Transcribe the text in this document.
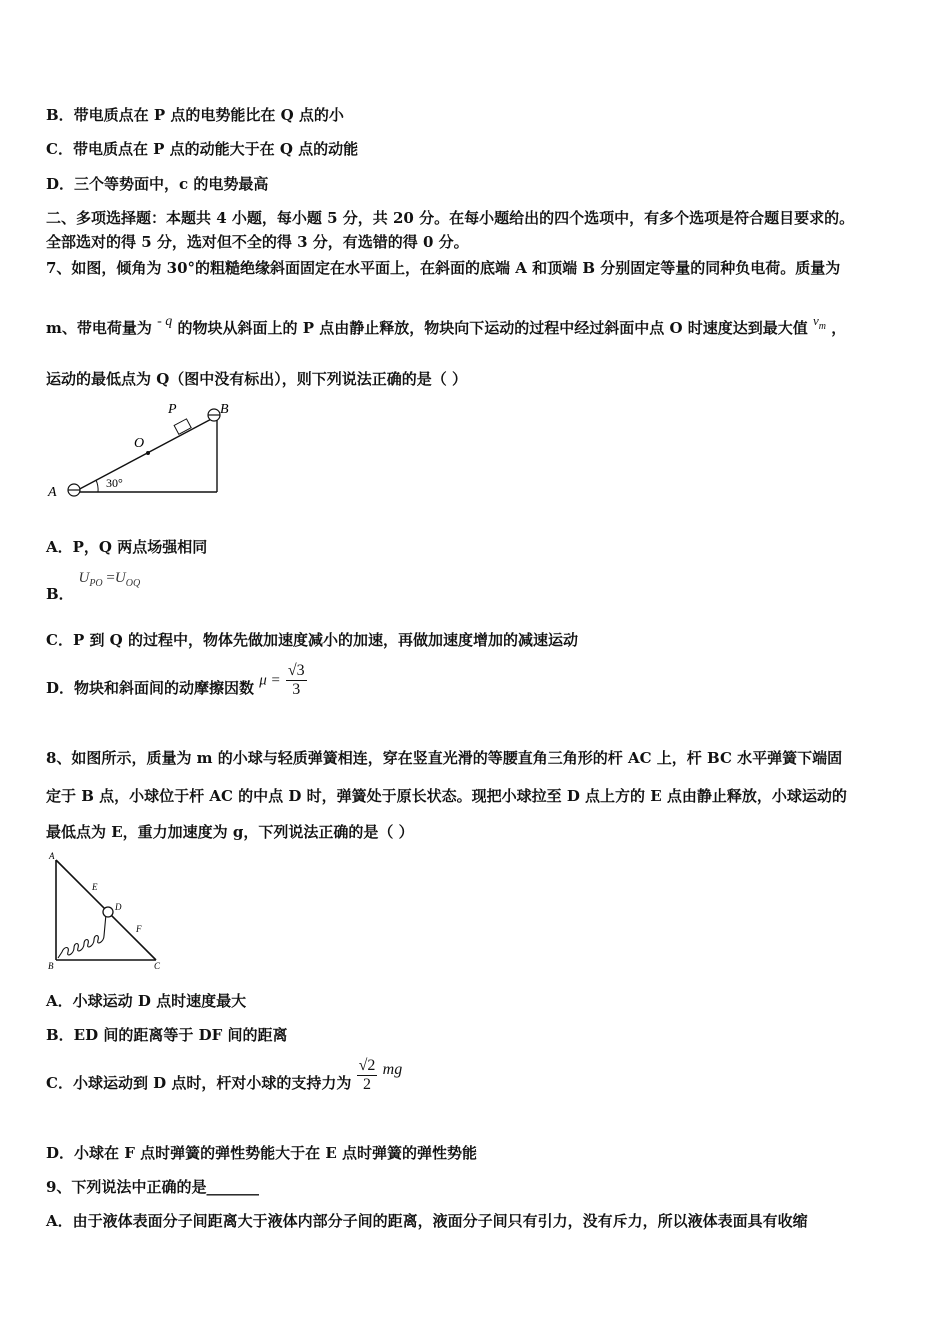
B．带电质点在 P 点的电势能比在 Q 点的小
C．带电质点在 P 点的动能大于在 Q 点的动能
D．三个等势面中，c 的电势最高
二、多项选择题：本题共 4 小题，每小题 5 分，共 20 分。在每小题给出的四个选项中，有多个选项是符合题目要求的。
全部选对的得 5 分，选对但不全的得 3 分，有选错的得 0 分。
7、如图，倾角为 30°的粗糙绝缘斜面固定在水平面上，在斜面的底端 A 和顶端 B 分别固定等量的同种负电荷。质量为
m、带电荷量为 - q 的物块从斜面上的 P 点由静止释放，物块向下运动的过程中经过斜面中点 O 时速度达到最大值 $v_m$ ，
运动的最低点为 Q（图中没有标出），则下列说法正确的是（ ）
A
B
O
P
30°
A．P，Q 两点场强相同
B． $U_{PO} =U_{OQ}$
C．P 到 Q 的过程中，物体先做加速度减小的加速，再做加速度增加的减速运动
D．物块和斜面间的动摩擦因数 $\mu = \frac{√3}{3}$
8、如图所示，质量为 m 的小球与轻质弹簧相连，穿在竖直光滑的等腰直角三角形的杆 AC 上，杆 BC 水平弹簧下端固
定于 B 点，小球位于杆 AC 的中点 D 时，弹簧处于原长状态。现把小球拉至 D 点上方的 E 点由静止释放，小球运动的
最低点为 E，重力加速度为 g，下列说法正确的是（ ）
A
B	C
D
E
F
A．小球运动 D 点时速度最大
B．ED 间的距离等于 DF 间的距离
C．小球运动到 D 点时，杆对小球的支持力为 $\frac{√2}{2}$ mg
D．小球在 F 点时弹簧的弹性势能大于在 E 点时弹簧的弹性势能
9、下列说法中正确的是_______
A．由于液体表面分子间距离大于液体内部分子间的距离，液面分子间只有引力，没有斥力，所以液体表面具有收缩
